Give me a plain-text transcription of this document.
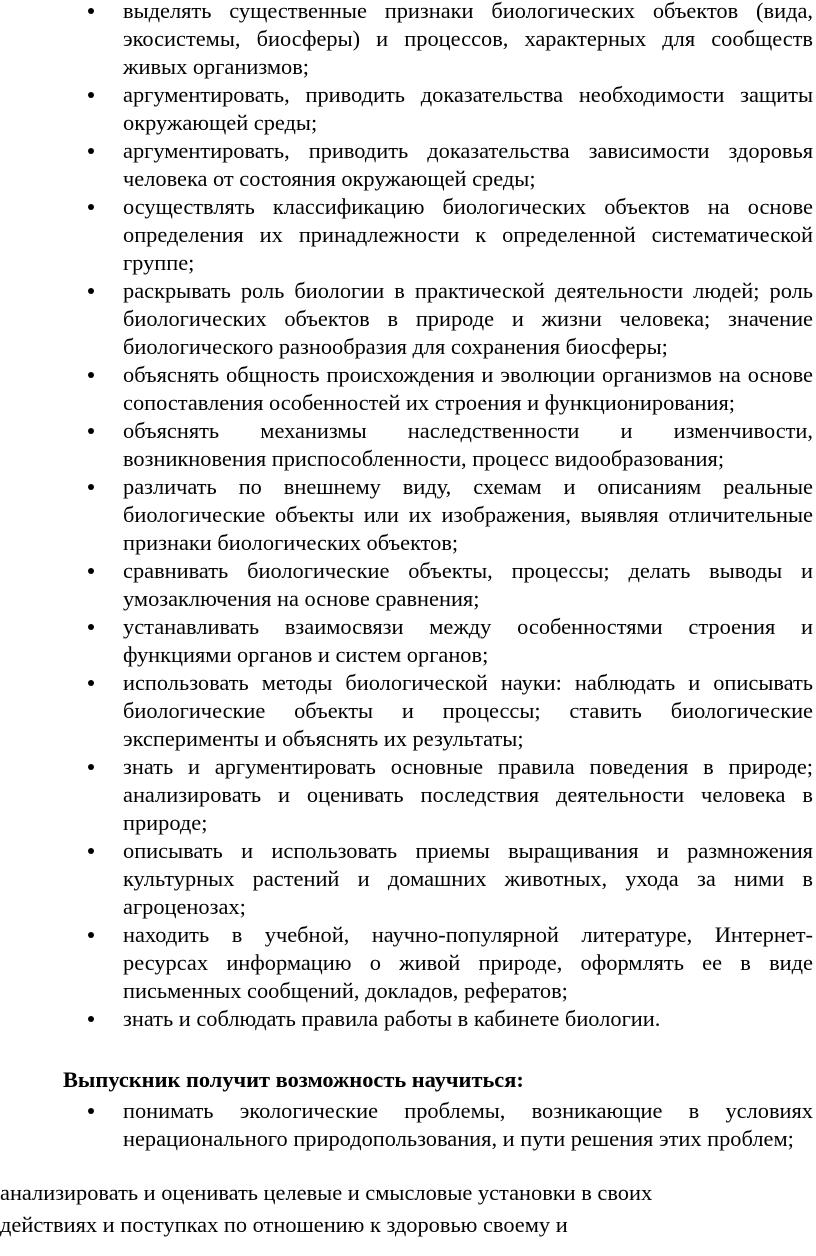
выделять существенные признаки биологических объектов (вида, экосистемы, биосферы) и процессов, характерных для сообществ живых организмов;
аргументировать, приводить доказательства необходимости защиты окружающей среды;
аргументировать, приводить доказательства зависимости здоровья человека от состояния окружающей среды;
осуществлять классификацию биологических объектов на основе определения их принадлежности к определенной систематической группе;
раскрывать роль биологии в практической деятельности людей; роль биологических объектов в природе и жизни человека; значение биологического разнообразия для сохранения биосферы;
объяснять общность происхождения и эволюции организмов на основе сопоставления особенностей их строения и функционирования;
объяснять механизмы наследственности и изменчивости, возникновения приспособленности, процесс видообразования;
различать по внешнему виду, схемам и описаниям реальные биологические объекты или их изображения, выявляя отличительные признаки биологических объектов;
сравнивать биологические объекты, процессы; делать выводы и умозаключения на основе сравнения;
устанавливать взаимосвязи между особенностями строения и функциями органов и систем органов;
использовать методы биологической науки: наблюдать и описывать биологические объекты и процессы; ставить биологические эксперименты и объяснять их результаты;
знать и аргументировать основные правила поведения в природе; анализировать и оценивать последствия деятельности человека в природе;
описывать и использовать приемы выращивания и размножения культурных растений и домашних животных, ухода за ними в агроценозах;
находить в учебной, научно-популярной литературе, Интернет-ресурсах информацию о живой природе, оформлять ее в виде письменных сообщений, докладов, рефератов;
знать и соблюдать правила работы в кабинете биологии.
Выпускник получит возможность научиться:
понимать экологические проблемы, возникающие в условиях нерационального природопользования, и пути решения этих проблем;
анализировать и оценивать целевые и смысловые установки в своих
действиях и поступках по отношению к здоровью своему и
